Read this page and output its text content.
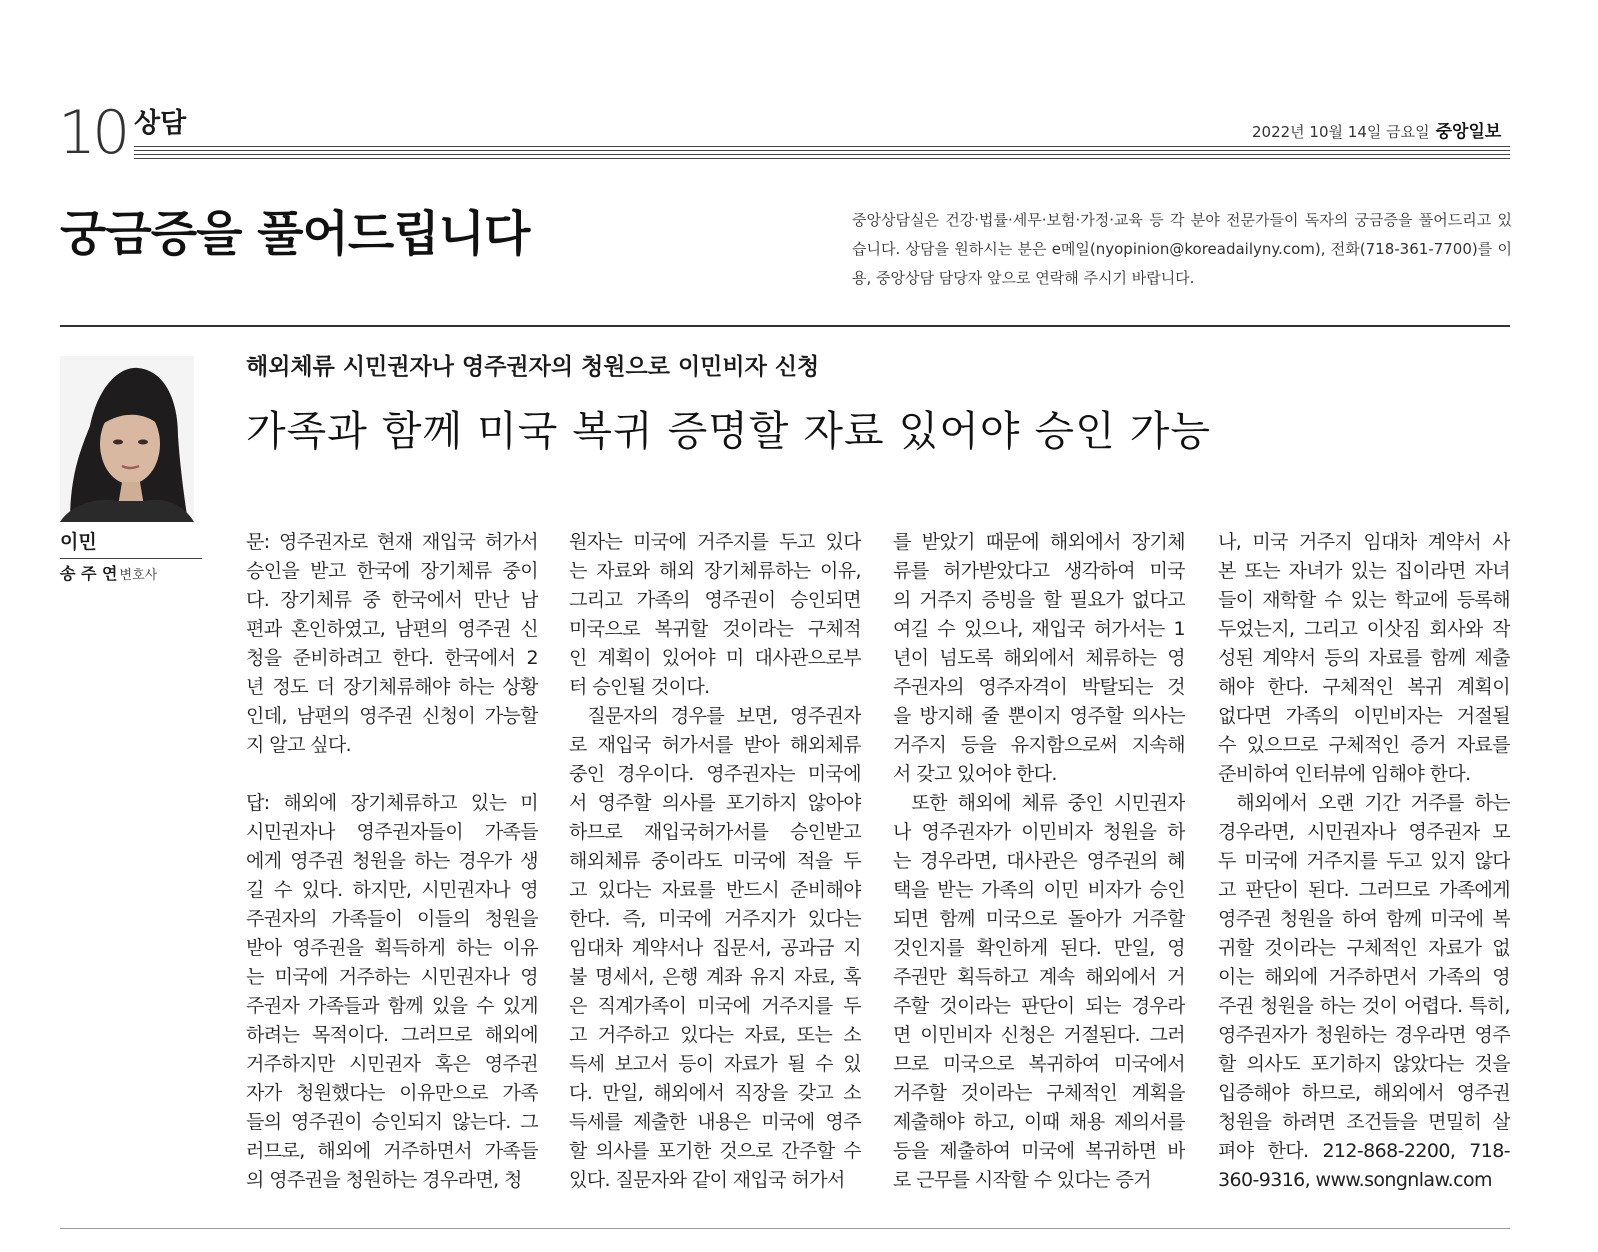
10 상담	2022년 10월 14일 금요일 중앙일보
궁금증을 풀어드립니다	중앙상담실은 건강·법률·세무·보험·가정·교육 등 각 분야 전문가들이 독자의 궁금증을 풀어드리고 있습니다. 상담을 원하시는 분은 e메일(nyopinion@koreadailyny.com), 전화(718-361-7700)를 이용, 중앙상담 담당자 앞으로 연락해 주시기 바랍니다.
이민
송 주 연 변호사
해외체류 시민권자나 영주권자의 청원으로 이민비자 신청
가족과 함께 미국 복귀 증명할 자료 있어야 승인 가능
문: 영주권자로 현재 재입국 허가서
승인을 받고 한국에 장기체류 중이
다. 장기체류 중 한국에서 만난 남
편과 혼인하였고, 남편의 영주권 신
청을 준비하려고 한다. 한국에서 2
년 정도 더 장기체류해야 하는 상황
인데, 남편의 영주권 신청이 가능할
지 알고 싶다.
답: 해외에 장기체류하고 있는 미
시민권자나 영주권자들이 가족들
에게 영주권 청원을 하는 경우가 생
길 수 있다. 하지만, 시민권자나 영
주권자의 가족들이 이들의 청원을
받아 영주권을 획득하게 하는 이유
는 미국에 거주하는 시민권자나 영
주권자 가족들과 함께 있을 수 있게
하려는 목적이다. 그러므로 해외에
거주하지만 시민권자 혹은 영주권
자가 청원했다는 이유만으로 가족
들의 영주권이 승인되지 않는다. 그
러므로, 해외에 거주하면서 가족들
의 영주권을 청원하는 경우라면, 청
원자는 미국에 거주지를 두고 있다
는 자료와 해외 장기체류하는 이유,
그리고 가족의 영주권이 승인되면
미국으로 복귀할 것이라는 구체적
인 계획이 있어야 미 대사관으로부
터 승인될 것이다.
 질문자의 경우를 보면, 영주권자
로 재입국 허가서를 받아 해외체류
중인 경우이다. 영주권자는 미국에
서 영주할 의사를 포기하지 않아야
하므로 재입국허가서를 승인받고
해외체류 중이라도 미국에 적을 두
고 있다는 자료를 반드시 준비해야
한다. 즉, 미국에 거주지가 있다는
임대차 계약서나 집문서, 공과금 지
불 명세서, 은행 계좌 유지 자료, 혹
은 직계가족이 미국에 거주지를 두
고 거주하고 있다는 자료, 또는 소
득세 보고서 등이 자료가 될 수 있
다. 만일, 해외에서 직장을 갖고 소
득세를 제출한 내용은 미국에 영주
할 의사를 포기한 것으로 간주할 수
있다. 질문자와 같이 재입국 허가서
를 받았기 때문에 해외에서 장기체
류를 허가받았다고 생각하여 미국
의 거주지 증빙을 할 필요가 없다고
여길 수 있으나, 재입국 허가서는 1
년이 넘도록 해외에서 체류하는 영
주권자의 영주자격이 박탈되는 것
을 방지해 줄 뿐이지 영주할 의사는
거주지 등을 유지함으로써 지속해
서 갖고 있어야 한다.
 또한 해외에 체류 중인 시민권자
나 영주권자가 이민비자 청원을 하
는 경우라면, 대사관은 영주권의 혜
택을 받는 가족의 이민 비자가 승인
되면 함께 미국으로 돌아가 거주할
것인지를 확인하게 된다. 만일, 영
주권만 획득하고 계속 해외에서 거
주할 것이라는 판단이 되는 경우라
면 이민비자 신청은 거절된다. 그러
므로 미국으로 복귀하여 미국에서
거주할 것이라는 구체적인 계획을
제출해야 하고, 이때 채용 제의서를
등을 제출하여 미국에 복귀하면 바
로 근무를 시작할 수 있다는 증거
나, 미국 거주지 임대차 계약서 사
본 또는 자녀가 있는 집이라면 자녀
들이 재학할 수 있는 학교에 등록해
두었는지, 그리고 이삿짐 회사와 작
성된 계약서 등의 자료를 함께 제출
해야 한다. 구체적인 복귀 계획이
없다면 가족의 이민비자는 거절될
수 있으므로 구체적인 증거 자료를
준비하여 인터뷰에 임해야 한다.
 해외에서 오랜 기간 거주를 하는
경우라면, 시민권자나 영주권자 모
두 미국에 거주지를 두고 있지 않다
고 판단이 된다. 그러므로 가족에게
영주권 청원을 하여 함께 미국에 복
귀할 것이라는 구체적인 자료가 없
이는 해외에 거주하면서 가족의 영
주권 청원을 하는 것이 어렵다. 특히,
영주권자가 청원하는 경우라면 영주
할 의사도 포기하지 않았다는 것을
입증해야 하므로, 해외에서 영주권
청원을 하려면 조건들을 면밀히 살
펴야 한다. 212-868-2200, 718-
360-9316, www.songnlaw.com
